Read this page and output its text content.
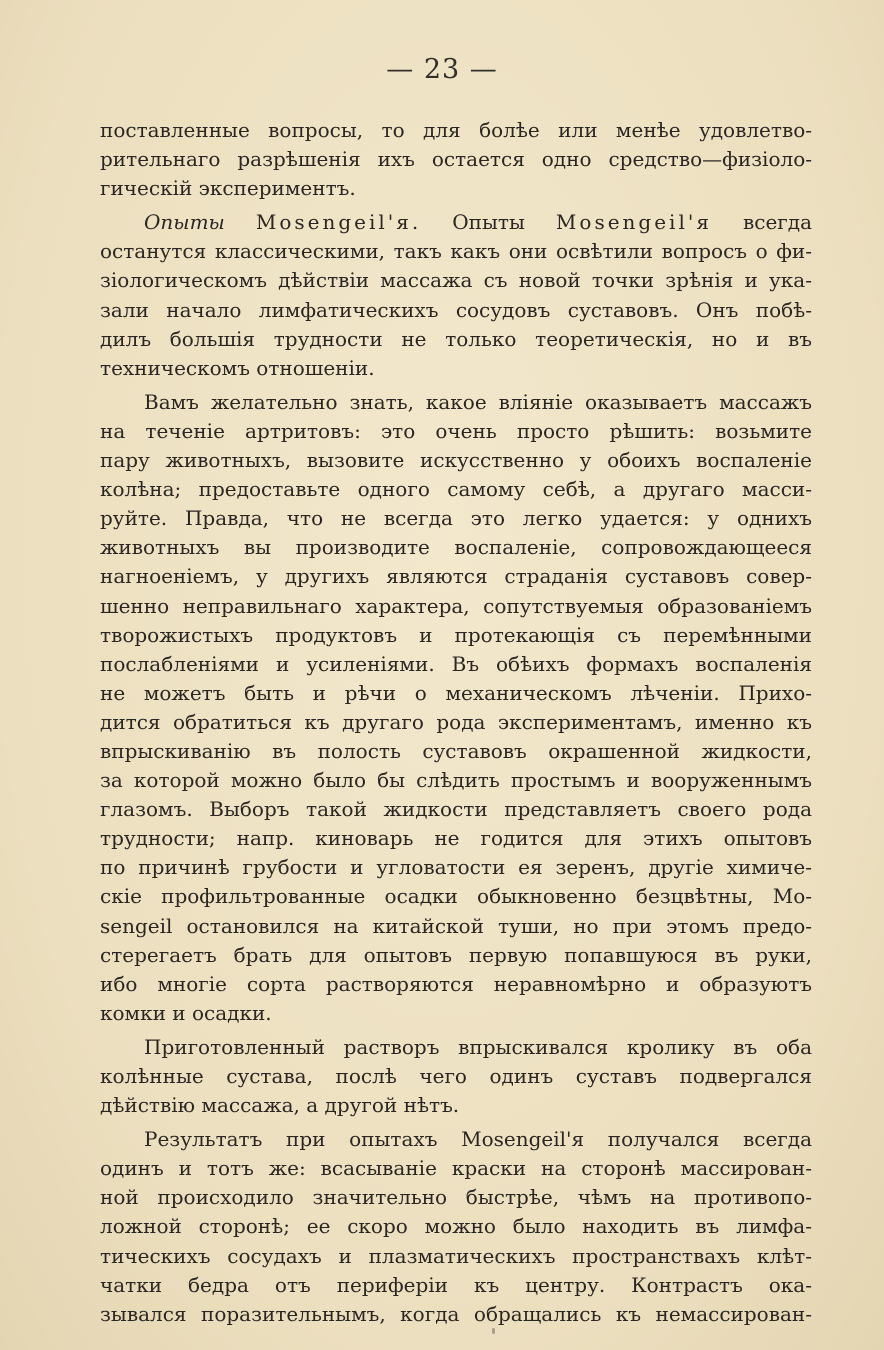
— 23 —
поставленные вопросы, то для болѣе или менѣе удовлетво-
рительнаго разрѣшенія ихъ остается одно средство—физіоло-
гическій экспериментъ.
Опыты Mosengeil'я. Опыты Mosengeil'я всегда
останутся классическими, такъ какъ они освѣтили вопросъ о фи-
зіологическомъ дѣйствіи массажа съ новой точки зрѣнія и ука-
зали начало лимфатическихъ сосудовъ суставовъ. Онъ побѣ-
дилъ большія трудности не только теоретическія, но и въ
техническомъ отношеніи.
Вамъ желательно знать, какое вліяніе оказываетъ массажъ
на теченіе артритовъ: это очень просто рѣшить: возьмите
пару животныхъ, вызовите искусственно у обоихъ воспаленіе
колѣна; предоставьте одного самому себѣ, а другаго масси-
руйте. Правда, что не всегда это легко удается: у однихъ
животныхъ вы производите воспаленіе, сопровождающееся
нагноеніемъ, у другихъ являются страданія суставовъ совер-
шенно неправильнаго характера, сопутствуемыя образованіемъ
творожистыхъ продуктовъ и протекающія съ перемѣнными
послабленіями и усиленіями. Въ обѣихъ формахъ воспаленія
не можетъ быть и рѣчи о механическомъ лѣченіи. Прихо-
дится обратиться къ другаго рода экспериментамъ, именно къ
впрыскиванію въ полость суставовъ окрашенной жидкости,
за которой можно было бы слѣдить простымъ и вооруженнымъ
глазомъ. Выборъ такой жидкости представляетъ своего рода
трудности; напр. киноварь не годится для этихъ опытовъ
по причинѣ грубости и угловатости ея зеренъ, другіе химиче-
скіе профильтрованные осадки обыкновенно безцвѣтны, Mo-
sengeil остановился на китайской туши, но при этомъ предо-
стерегаетъ брать для опытовъ первую попавшуюся въ руки,
ибо многіе сорта растворяются неравномѣрно и образуютъ
комки и осадки.
Приготовленный растворъ впрыскивался кролику въ оба
колѣнные сустава, послѣ чего одинъ суставъ подвергался
дѣйствію массажа, а другой нѣтъ.
Результатъ при опытахъ Mosengeil'я получался всегда
одинъ и тотъ же: всасываніе краски на сторонѣ массирован-
ной происходило значительно быстрѣе, чѣмъ на противопо-
ложной сторонѣ; ее скоро можно было находить въ лимфа-
тическихъ сосудахъ и плазматическихъ пространствахъ клѣт-
чатки бедра отъ периферіи къ центру. Контрастъ ока-
зывался поразительнымъ, когда обращались къ немассирован-
